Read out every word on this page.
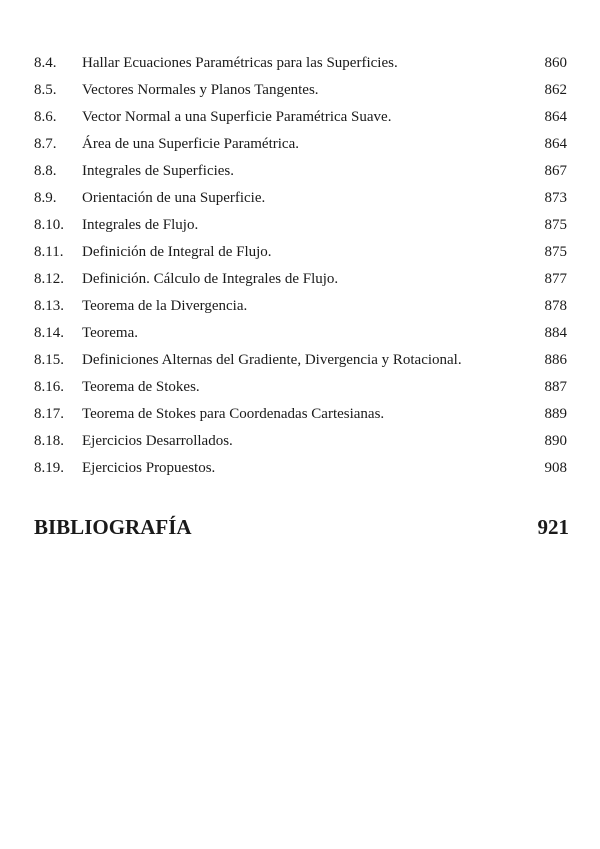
8.4. Hallar Ecuaciones Paramétricas para las Superficies.	860
8.5. Vectores Normales y Planos Tangentes.	862
8.6. Vector Normal a una Superficie Paramétrica Suave.	864
8.7. Área de una Superficie Paramétrica.	864
8.8. Integrales de Superficies.	867
8.9. Orientación de una Superficie.	873
8.10. Integrales de Flujo.	875
8.11. Definición de Integral de Flujo.	875
8.12. Definición. Cálculo de Integrales de Flujo.	877
8.13. Teorema de la Divergencia.	878
8.14. Teorema.	884
8.15. Definiciones Alternas del Gradiente, Divergencia y Rotacional.	886
8.16. Teorema de Stokes.	887
8.17. Teorema de Stokes para Coordenadas Cartesianas.	889
8.18. Ejercicios Desarrollados.	890
8.19. Ejercicios Propuestos.	908
BIBLIOGRAFÍA	921
